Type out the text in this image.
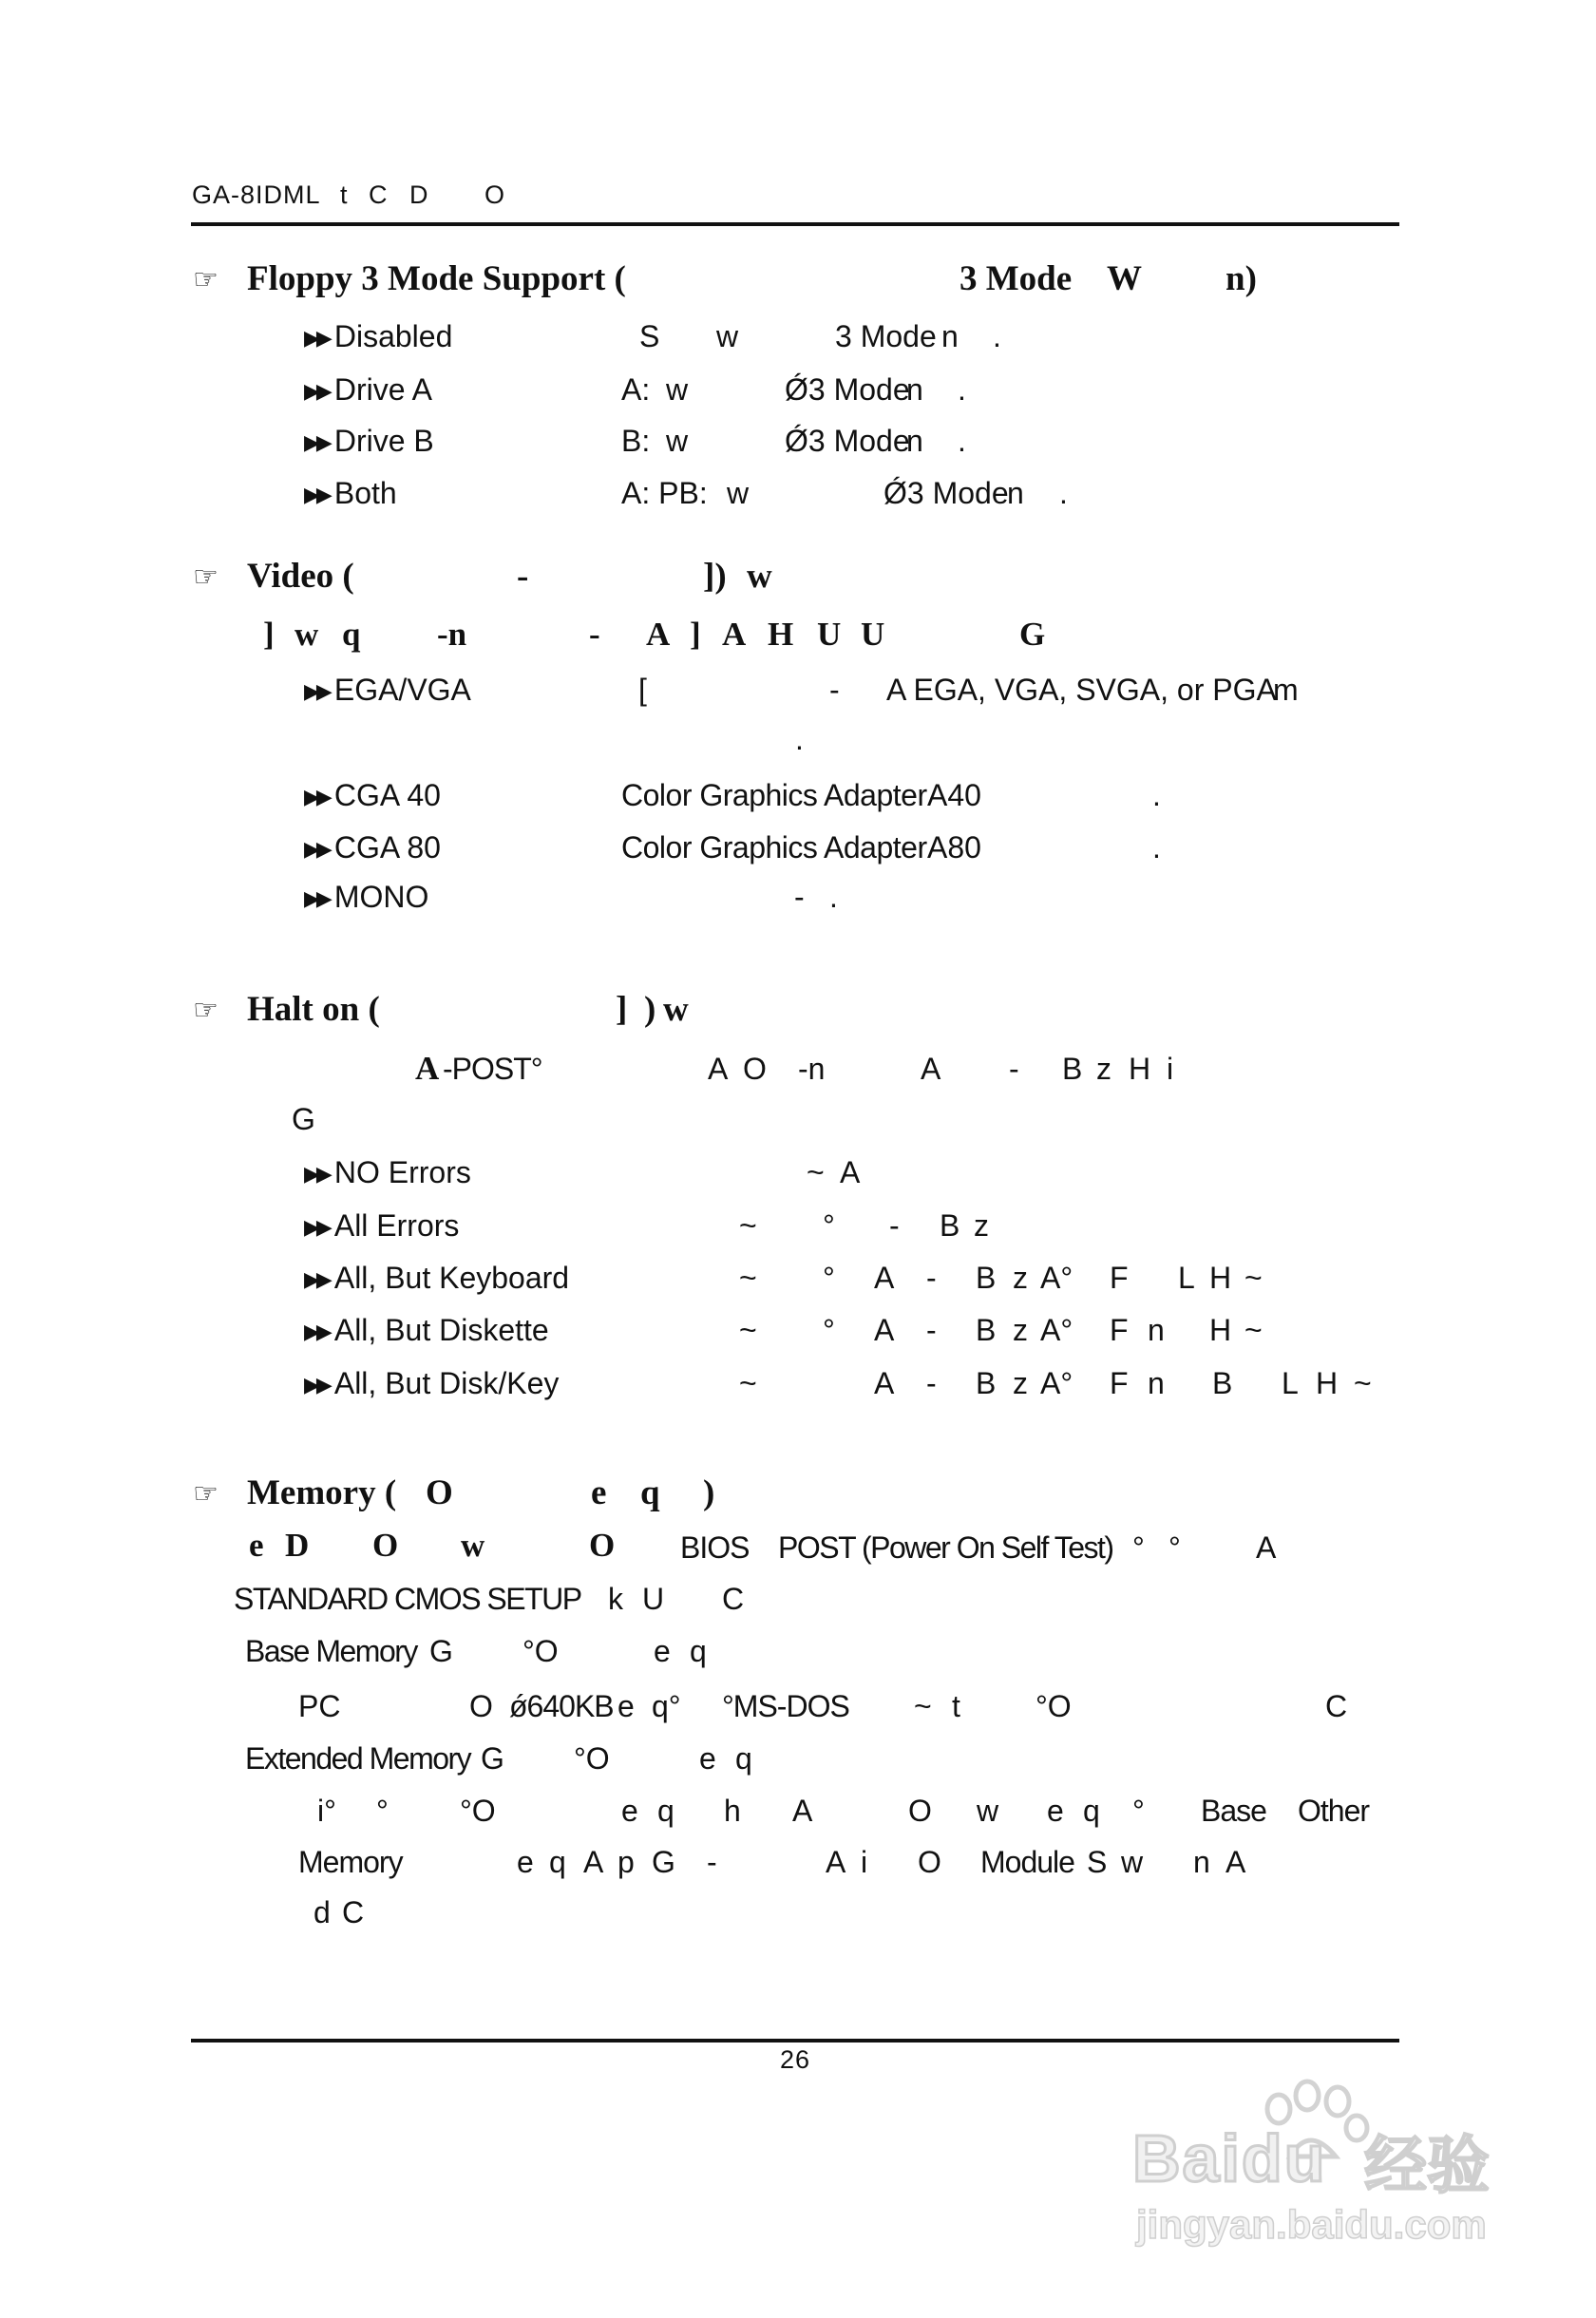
GA-8IDML t C D O
☞ Floppy 3 Mode Support (	3 Mode W n)
▶▶ Disabled	S w	3 Mode n .
▶▶ Drive A	A: w	Ǿ3 Mode
n .
▶▶ Drive B	B: w	Ǿ3 Mode
n .
▶▶ Both	A: PB: w	Ǿ3 Mode
n .
☞ Video (	-	]) w
] w q -n	- A ] A H U U	G
▶▶ EGA/VGA	[	- A EGA, VGA, SVGA, or PGA
m
.
▶▶ CGA 40	Color Graphics Adapter A40	.
▶▶ CGA 80	Color Graphics Adapter A80	.
▶▶ MONO	- .
☞ Halt on (	] ) w
A -POST°	A O -n	A - B z H i
G
▶▶ NO Errors	~ A
▶▶ All Errors	~ ° - B z
▶▶ All, But Keyboard	~ ° A - B z A° F L H ~
▶▶ All, But Diskette	~ ° A - B z A° F n H ~
▶▶ All, But Disk/Key	~	A - B z A° F n B L H ~
☞ Memory ( O	e q )
e D O w	O BIOS POST (Power On Self Test) ° ° A
STANDARD CMOS SETUP k U C
Base Memory G °O	e q
PC	O ǿ640KB e q° °MS-DOS ~ t °O	C
Extended Memory G °O	e q
i° ° °O	e q h A	O w e q ° Base Other
Memory	e q A p G -	A i O Module S w n A
d C
26
Baidu 经验
jingyan.baidu.com
